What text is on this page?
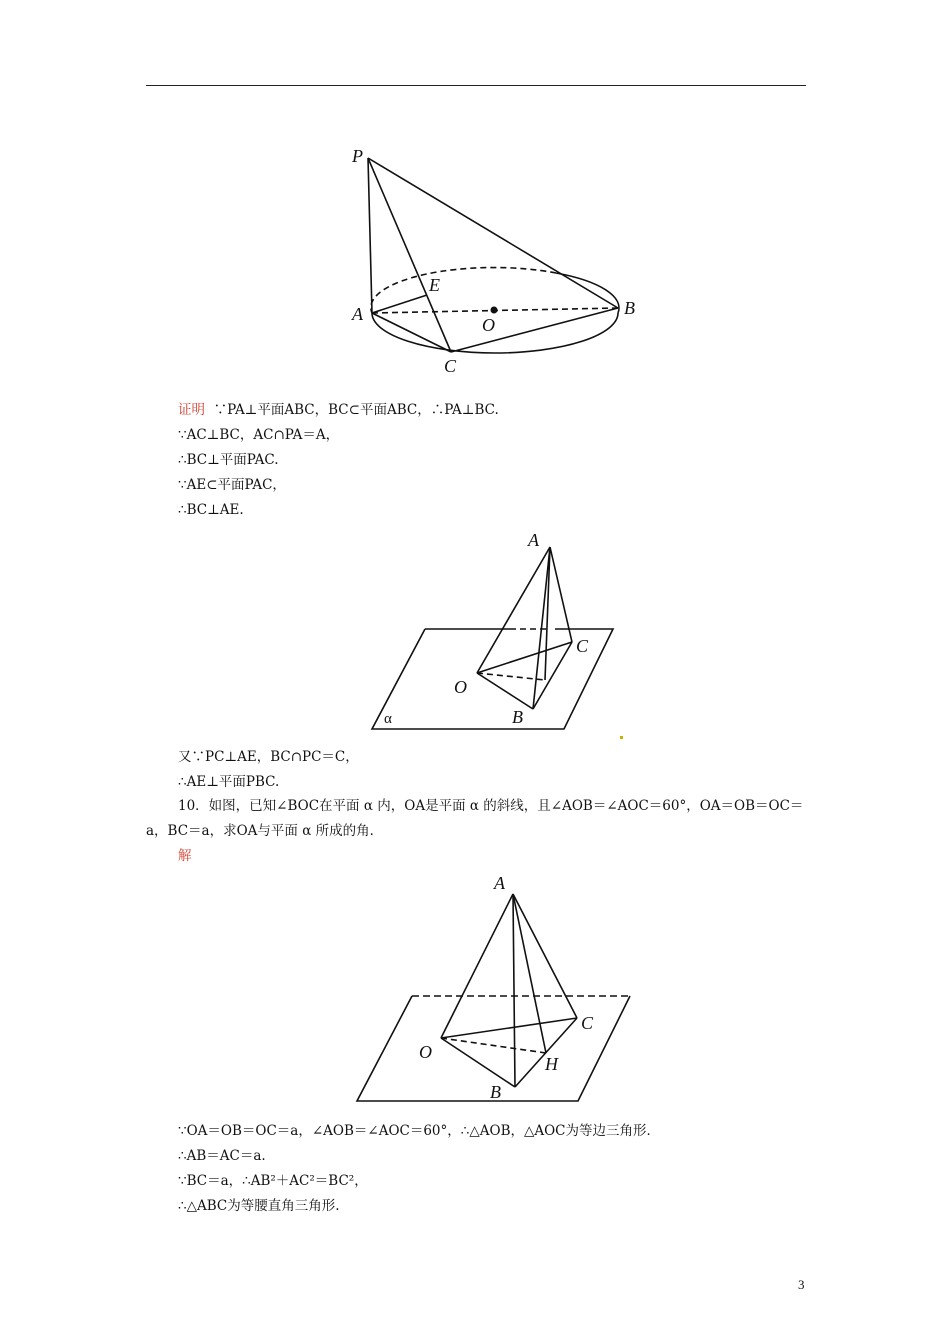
P
E
A
O
B
C
证明 ∵PA⊥平面ABC，BC⊂平面ABC，∴PA⊥BC.
∵AC⊥BC，AC∩PA＝A，
∴BC⊥平面PAC.
∵AE⊂平面PAC，
∴BC⊥AE.
A
C
O
B
α
又∵PC⊥AE，BC∩PC＝C，
∴AE⊥平面PBC.
10．如图，已知∠BOC在平面 α 内，OA是平面 α 的斜线，且∠AOB＝∠AOC＝60°，OA＝OB＝OC＝a，BC＝a，求OA与平面 α 所成的角．
解
A
C
O
H
B
∵OA＝OB＝OC＝a，∠AOB＝∠AOC＝60°，∴△AOB，△AOC为等边三角形．
∴AB＝AC＝a.
∵BC＝a，∴AB²＋AC²＝BC²，
∴△ABC为等腰直角三角形.
3
